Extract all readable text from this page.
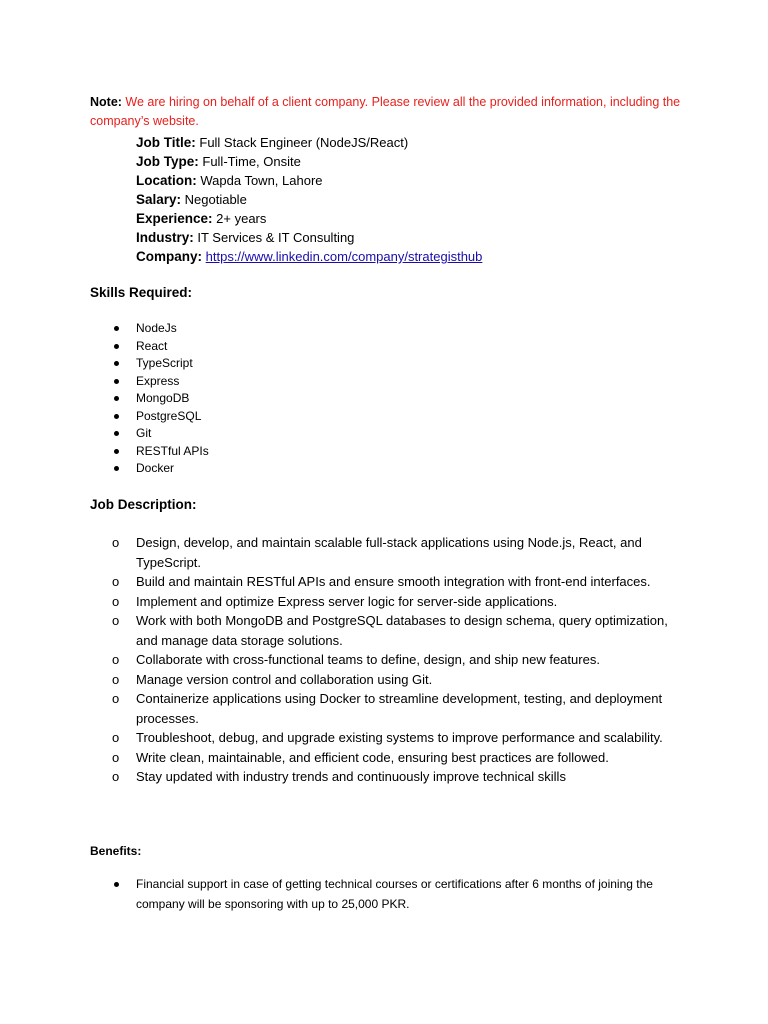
Note: We are hiring on behalf of a client company. Please review all the provided information, including the company’s website.
Job Title: Full Stack Engineer (NodeJS/React)
Job Type: Full-Time, Onsite
Location: Wapda Town, Lahore
Salary: Negotiable
Experience: 2+ years
Industry: IT Services & IT Consulting
Company: https://www.linkedin.com/company/strategisthub
Skills Required:
NodeJs
React
TypeScript
Express
MongoDB
PostgreSQL
Git
RESTful APIs
Docker
Job Description:
o Design, develop, and maintain scalable full-stack applications using Node.js, React, and TypeScript.
o Build and maintain RESTful APIs and ensure smooth integration with front-end interfaces.
o Implement and optimize Express server logic for server-side applications.
o Work with both MongoDB and PostgreSQL databases to design schema, query optimization, and manage data storage solutions.
o Collaborate with cross-functional teams to define, design, and ship new features.
o Manage version control and collaboration using Git.
o Containerize applications using Docker to streamline development, testing, and deployment processes.
o Troubleshoot, debug, and upgrade existing systems to improve performance and scalability.
o Write clean, maintainable, and efficient code, ensuring best practices are followed.
o Stay updated with industry trends and continuously improve technical skills
Benefits:
Financial support in case of getting technical courses or certifications after 6 months of joining the company will be sponsoring with up to 25,000 PKR.
